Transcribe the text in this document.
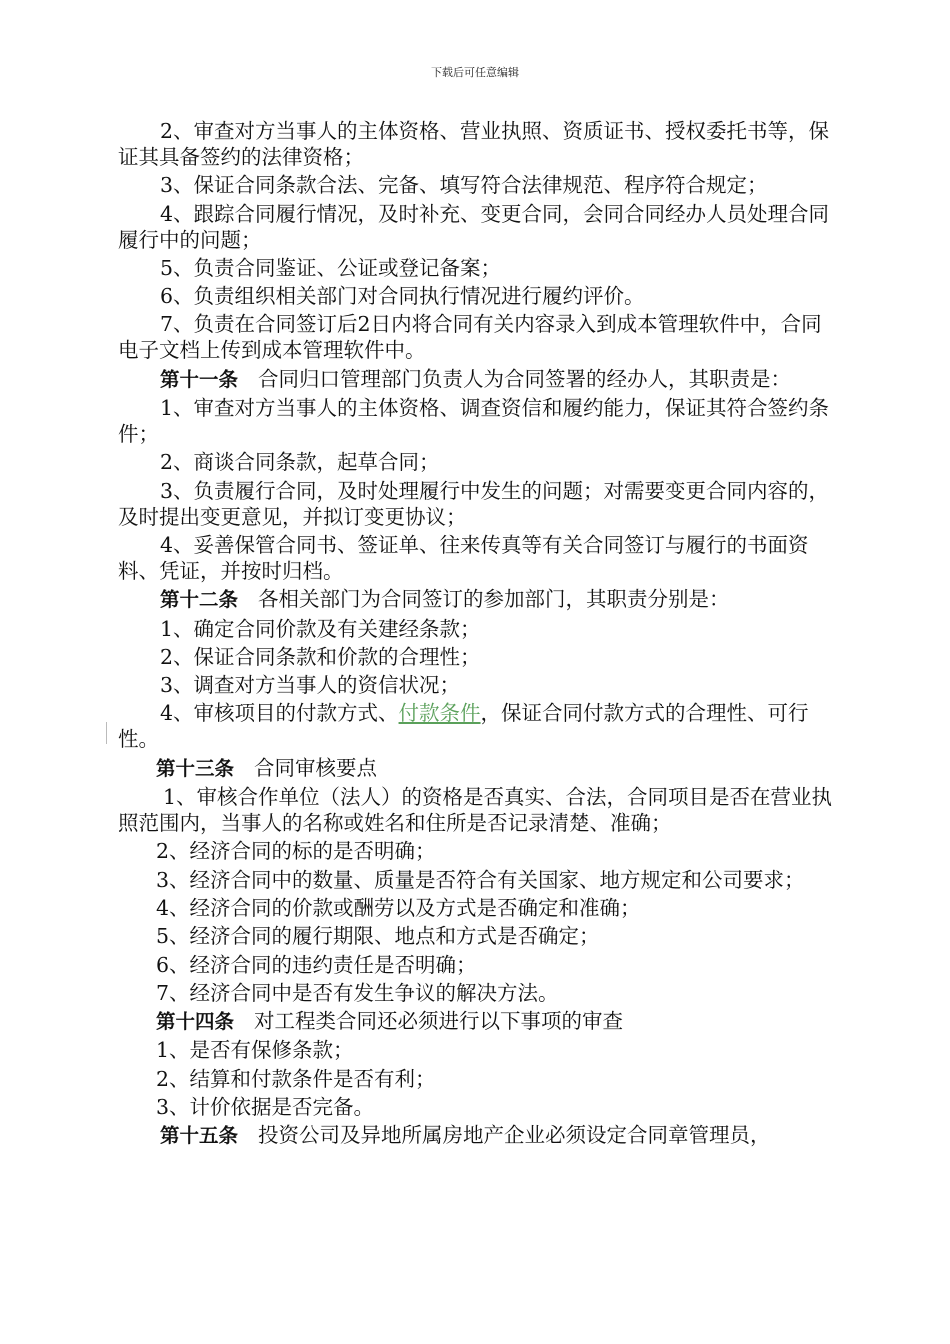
下载后可任意编辑

2、审查对方当事人的主体资格、营业执照、资质证书、授权委托书等，保证其具备签约的法律资格；

3、保证合同条款合法、完备、填写符合法律规范、程序符合规定；

4、跟踪合同履行情况，及时补充、变更合同，会同合同经办人员处理合同履行中的问题；

5、负责合同鉴证、公证或登记备案；

6、负责组织相关部门对合同执行情况进行履约评价。

7、负责在合同签订后2日内将合同有关内容录入到成本管理软件中，合同电子文档上传到成本管理软件中。

第十一条 合同归口管理部门负责人为合同签署的经办人，其职责是：

1、审查对方当事人的主体资格、调查资信和履约能力，保证其符合签约条件；

2、商谈合同条款，起草合同；

3、负责履行合同，及时处理履行中发生的问题；对需要变更合同内容的，及时提出变更意见，并拟订变更协议；

4、妥善保管合同书、签证单、往来传真等有关合同签订与履行的书面资料、凭证，并按时归档。

第十二条 各相关部门为合同签订的参加部门，其职责分别是：

1、确定合同价款及有关建经条款；

2、保证合同条款和价款的合理性；

3、调查对方当事人的资信状况；

4、审核项目的付款方式、付款条件，保证合同付款方式的合理性、可行性。

第十三条 合同审核要点

1、审核合作单位（法人）的资格是否真实、合法，合同项目是否在营业执照范围内，当事人的名称或姓名和住所是否记录清楚、准确；

2、经济合同的标的是否明确；

3、经济合同中的数量、质量是否符合有关国家、地方规定和公司要求；

4、经济合同的价款或酬劳以及方式是否确定和准确；

5、经济合同的履行期限、地点和方式是否确定；

6、经济合同的违约责任是否明确；

7、经济合同中是否有发生争议的解决方法。

第十四条 对工程类合同还必须进行以下事项的审查

1、是否有保修条款；

2、结算和付款条件是否有利；

3、计价依据是否完备。

第十五条 投资公司及异地所属房地产企业必须设定合同章管理员，
